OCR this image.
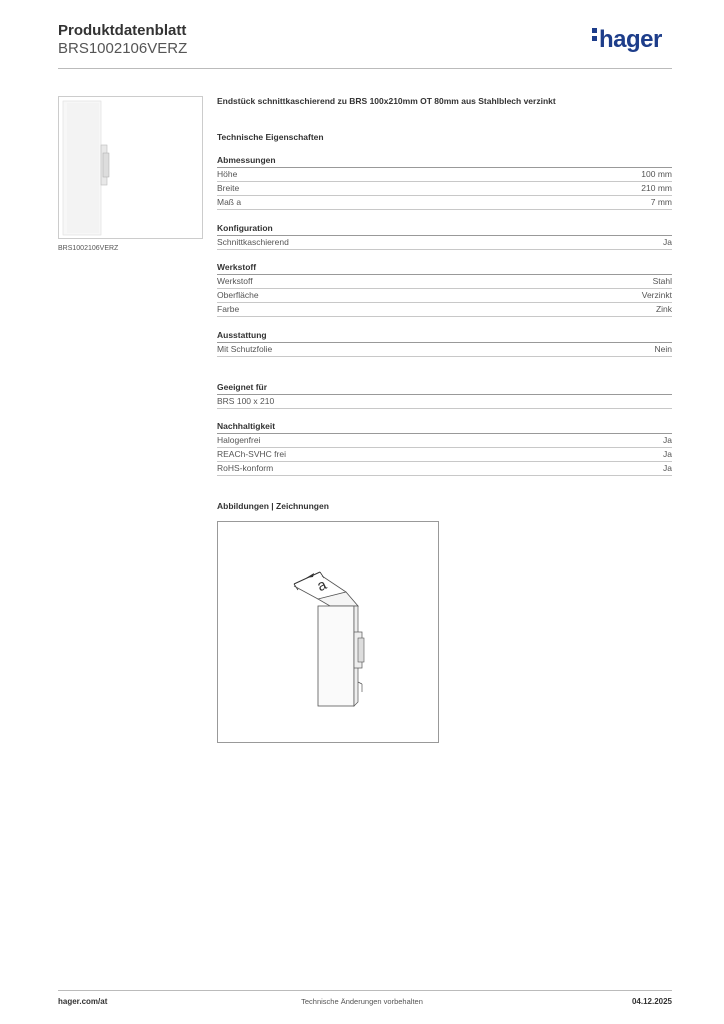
Produktdatenblatt
BRS1002106VERZ	hager
BRS1002106VERZ
Endstück schnittkaschierend zu BRS 100x210mm OT 80mm aus Stahlblech verzinkt
Technische Eigenschaften
Abmessungen
Höhe	100 mm
Breite	210 mm
Maß a	7 mm
Konfiguration
Schnittkaschierend	Ja
Werkstoff
Werkstoff	Stahl
Oberfläche	Verzinkt
Farbe	Zink
Ausstattung
Mit Schutzfolie	Nein
Geeignet für
BRS 100 x 210
Nachhaltigkeit
Halogenfrei	Ja
REACh-SVHC frei	Ja
RoHS-konform	Ja
Abbildungen | Zeichnungen
a
hager.com/at	Technische Änderungen vorbehalten	04.12.2025
